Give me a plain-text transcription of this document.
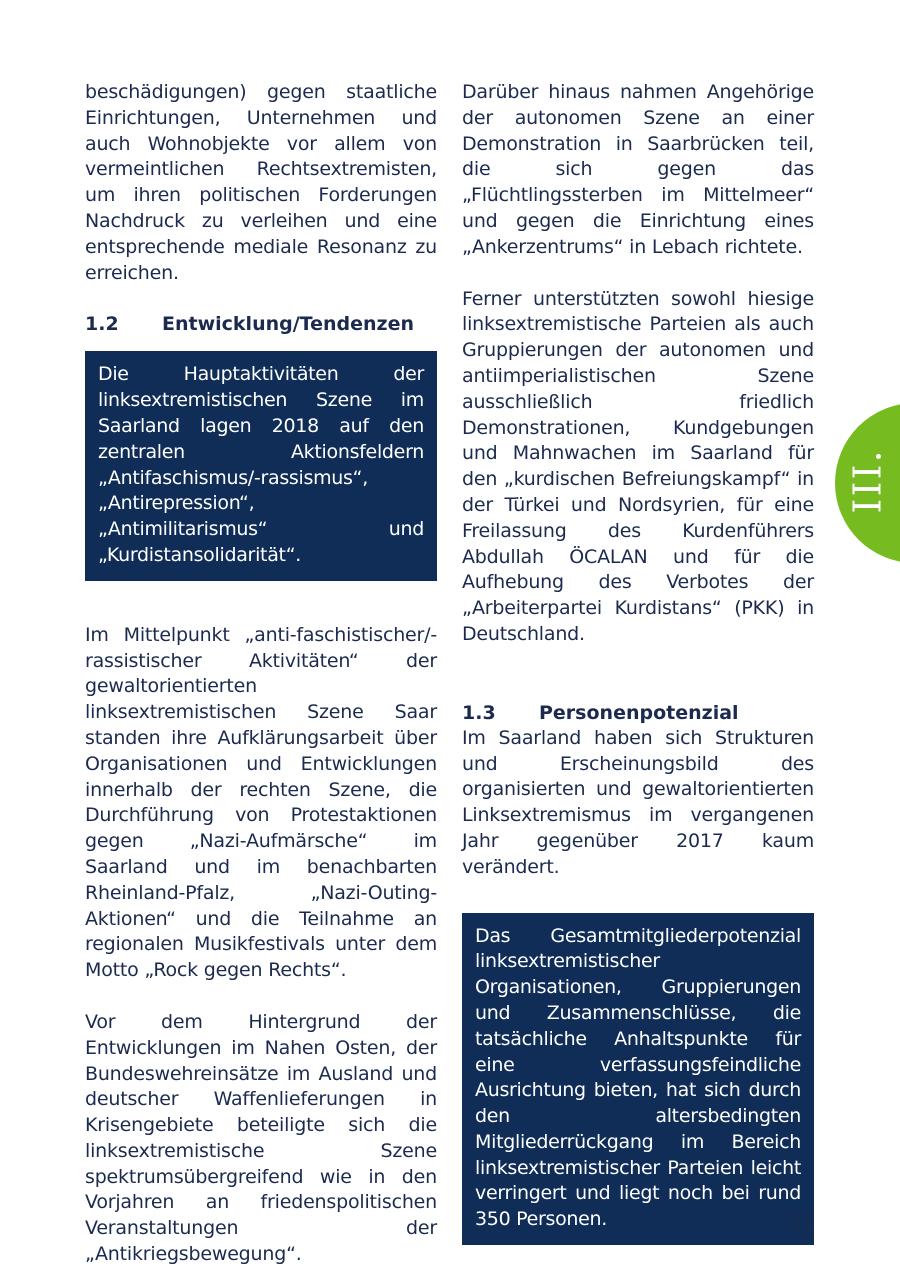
beschädigungen) gegen staatliche Einrichtungen, Unternehmen und auch Wohnobjekte vor allem von vermeintlichen Rechtsextremisten, um ihren politischen Forderungen Nachdruck zu verleihen und eine entsprechende mediale Resonanz zu erreichen.

1.2	Entwicklung/Tendenzen

Die Hauptaktivitäten der linksextremistischen Szene im Saarland lagen 2018 auf den zentralen Aktionsfeldern „Antifaschismus/-rassismus“, „Antirepression“, „Antimilitarismus“ und „Kurdistansolidarität“.

Im Mittelpunkt „anti-faschistischer/-rassistischer Aktivitäten“ der gewaltorientierten linksextremistischen Szene Saar standen ihre Aufklärungsarbeit über Organisationen und Entwicklungen innerhalb der rechten Szene, die Durchführung von Protestaktionen gegen „Nazi-Aufmärsche“ im Saarland und im benachbarten Rheinland-Pfalz, „Nazi-Outing-Aktionen“ und die Teilnahme an regionalen Musikfestivals unter dem Motto „Rock gegen Rechts“.

Vor dem Hintergrund der Entwicklungen im Nahen Osten, der Bundeswehreinsätze im Ausland und deutscher Waffenlieferungen in Krisengebiete beteiligte sich die linksextremistische Szene spektrumsübergreifend wie in den Vorjahren an friedenspolitischen Veranstaltungen der „Antikriegsbewegung“.

Darüber hinaus nahmen Angehörige der autonomen Szene an einer Demonstration in Saarbrücken teil, die sich gegen das „Flüchtlingssterben im Mittelmeer“ und gegen die Einrichtung eines „Ankerzentrums“ in Lebach richtete.

Ferner unterstützten sowohl hiesige linksextremistische Parteien als auch Gruppierungen der autonomen und antiimperialistischen Szene ausschließlich friedlich Demonstrationen, Kundgebungen und Mahnwachen im Saarland für den „kurdischen Befreiungskampf“ in der Türkei und Nordsyrien, für eine Freilassung des Kurdenführers Abdullah ÖCALAN und für die Aufhebung des Verbotes der „Arbeiterpartei Kurdistans“ (PKK) in Deutschland.

1.3	Personenpotenzial

Im Saarland haben sich Strukturen und Erscheinungsbild des organisierten und gewaltorientierten Linksextremismus im vergangenen Jahr gegenüber 2017 kaum verändert.

Das Gesamtmitgliederpotenzial linksextremistischer Organisationen, Gruppierungen und Zusammenschlüsse, die tatsächliche Anhaltspunkte für eine verfassungsfeindliche Ausrichtung bieten, hat sich durch den altersbedingten Mitgliederrückgang im Bereich linksextremistischer Parteien leicht verringert und liegt noch bei rund 350 Personen.

III.
33
